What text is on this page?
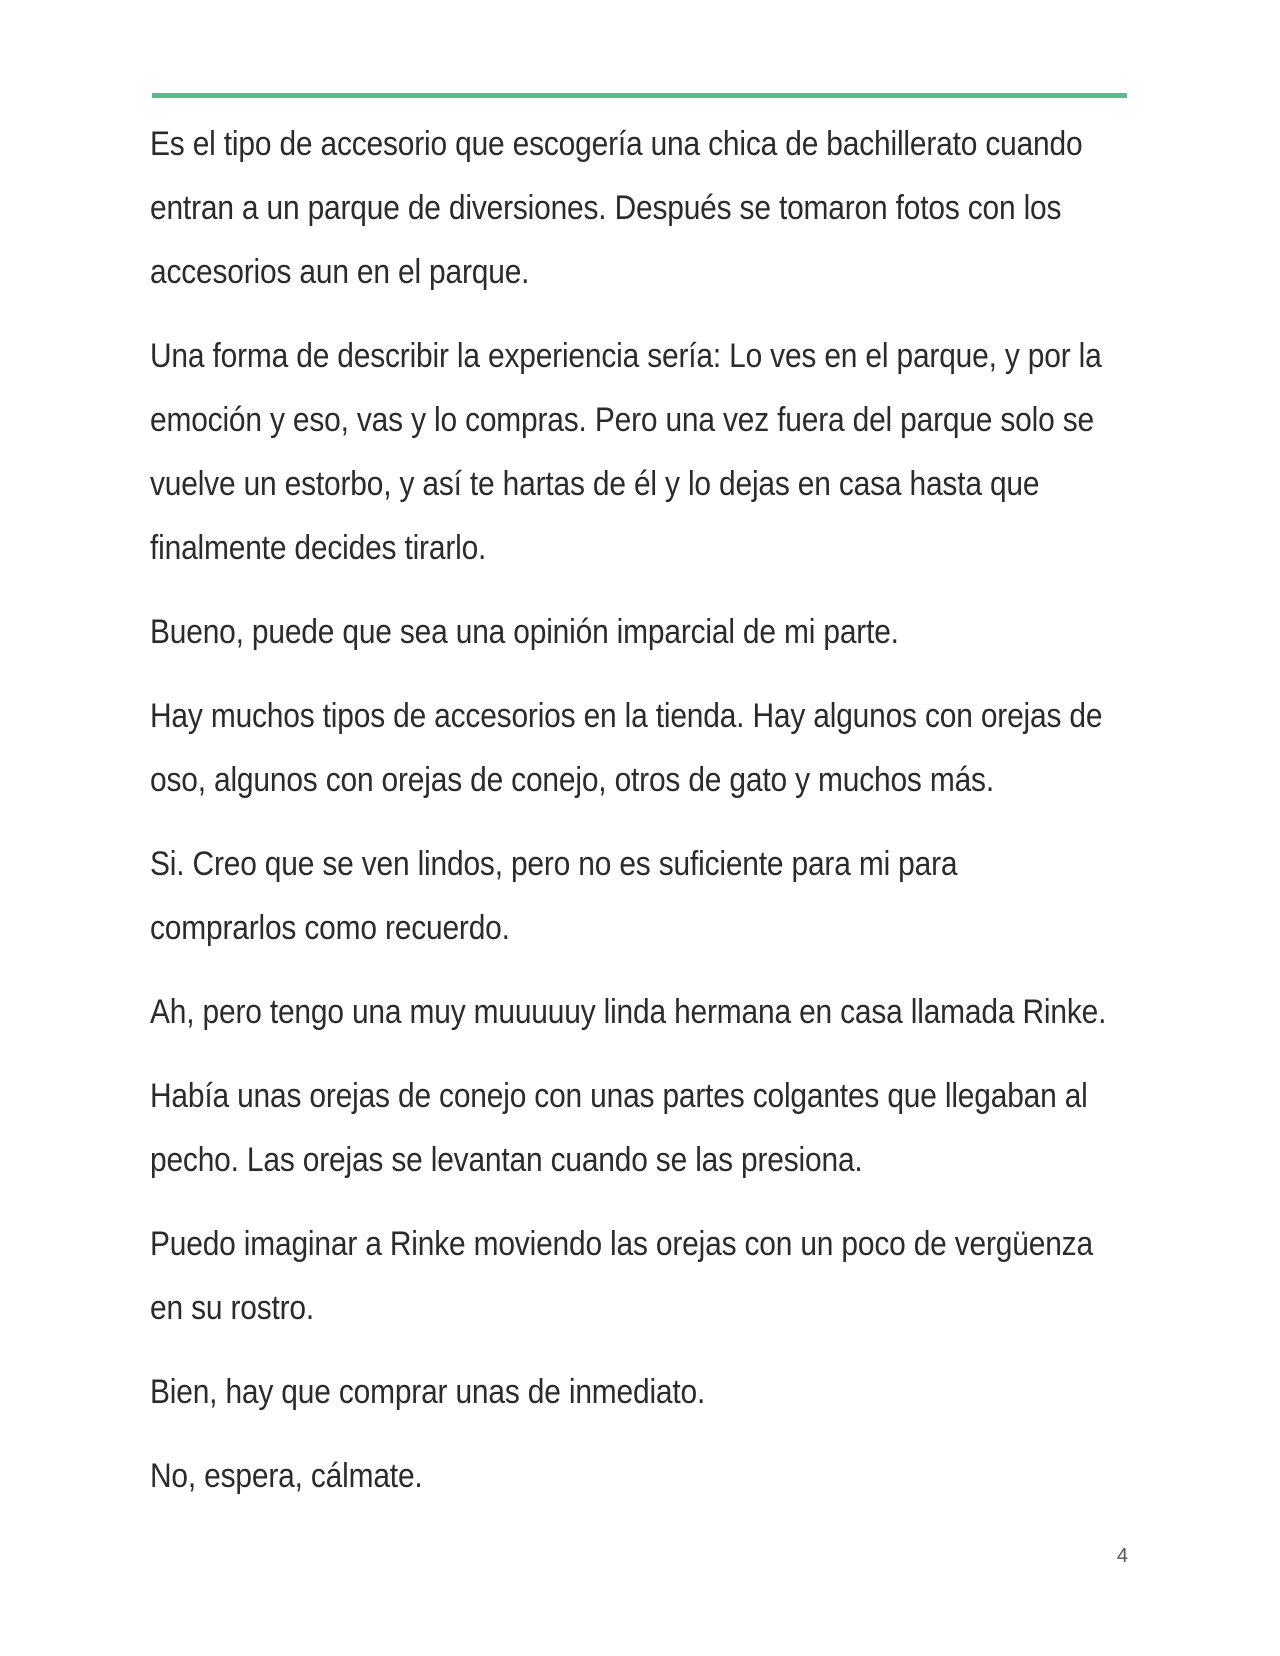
Es el tipo de accesorio que escogería una chica de bachillerato cuando entran a un parque de diversiones. Después se tomaron fotos con los accesorios aun en el parque.

Una forma de describir la experiencia sería: Lo ves en el parque, y por la emoción y eso, vas y lo compras. Pero una vez fuera del parque solo se vuelve un estorbo, y así te hartas de él y lo dejas en casa hasta que finalmente decides tirarlo.

Bueno, puede que sea una opinión imparcial de mi parte.

Hay muchos tipos de accesorios en la tienda. Hay algunos con orejas de oso, algunos con orejas de conejo, otros de gato y muchos más.

Si. Creo que se ven lindos, pero no es suficiente para mi para comprarlos como recuerdo.

Ah, pero tengo una muy muuuuuy linda hermana en casa llamada Rinke.

Había unas orejas de conejo con unas partes colgantes que llegaban al pecho. Las orejas se levantan cuando se las presiona.

Puedo imaginar a Rinke moviendo las orejas con un poco de vergüenza en su rostro.

Bien, hay que comprar unas de inmediato.

No, espera, cálmate.

4
